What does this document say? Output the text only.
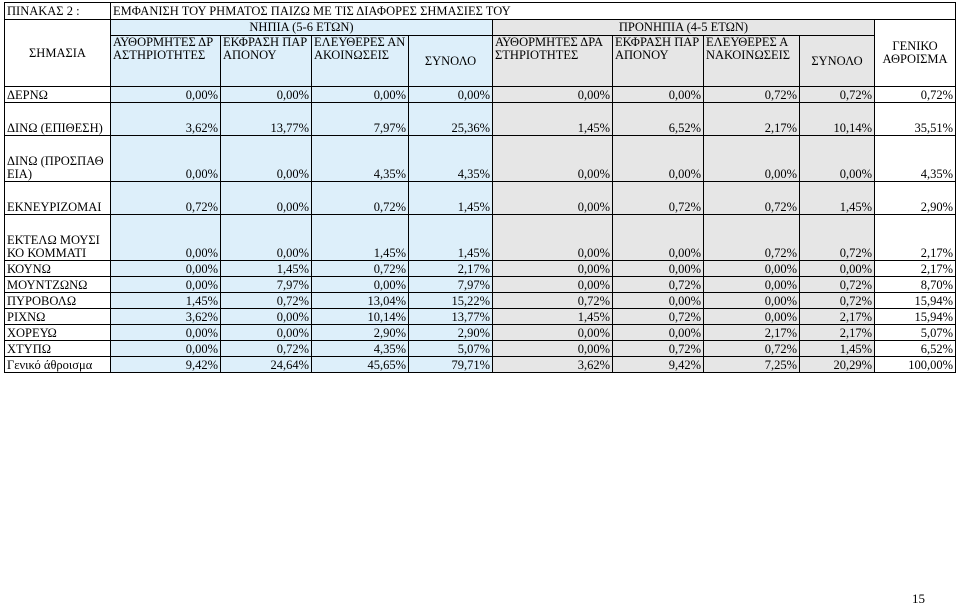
ΠΙΝΑΚΑΣ 2 :	ΕΜΦΑΝΙΣΗ ΤΟΥ ΡΗΜΑΤΟΣ ΠΑΙΖΩ ΜΕ ΤΙΣ ΔΙΑΦΟΡΕΣ ΣΗΜΑΣΙΕΣ ΤΟΥ								
ΣΗΜΑΣΙΑ	ΝΗΠΙΑ (5-6 ΕΤΩΝ)				ΠΡΟΝΗΠΙΑ (4-5 ΕΤΩΝ)				ΓΕΝΙΚΟ ΑΘΡΟΙΣΜΑ
	ΑΥΘΟΡΜΗΤΕΣ ΔΡΑΣΤΗΡΙΟΤΗΤΕΣ	ΕΚΦΡΑΣΗ ΠΑΡΑΠΟΝΟΥ	ΕΛΕΥΘΕΡΕΣ ΑΝΑΚΟΙΝΩΣΕΙΣ	ΣΥΝΟΛΟ	ΑΥΘΟΡΜΗΤΕΣ ΔΡΑΣΤΗΡΙΟΤΗΤΕΣ	ΕΚΦΡΑΣΗ ΠΑΡΑΠΟΝΟΥ	ΕΛΕΥΘΕΡΕΣ ΑΝΑΚΟΙΝΩΣΕΙΣ	ΣΥΝΟΛΟ	
ΔΕΡΝΩ	0,00%	0,00%	0,00%	0,00%	0,00%	0,00%	0,72%	0,72%	0,72%
ΔΙΝΩ (ΕΠΙΘΕΣΗ)	3,62%	13,77%	7,97%	25,36%	1,45%	6,52%	2,17%	10,14%	35,51%
ΔΙΝΩ (ΠΡΟΣΠΑΘΕΙΑ)	0,00%	0,00%	4,35%	4,35%	0,00%	0,00%	0,00%	0,00%	4,35%
ΕΚΝΕΥΡΙΖΟΜΑΙ	0,72%	0,00%	0,72%	1,45%	0,00%	0,72%	0,72%	1,45%	2,90%
ΕΚΤΕΛΩ ΜΟΥΣΙΚΟ ΚΟΜΜΑΤΙ	0,00%	0,00%	1,45%	1,45%	0,00%	0,00%	0,72%	0,72%	2,17%
ΚΟΥΝΩ	0,00%	1,45%	0,72%	2,17%	0,00%	0,00%	0,00%	0,00%	2,17%
ΜΟΥΝΤΖΩΝΩ	0,00%	7,97%	0,00%	7,97%	0,00%	0,72%	0,00%	0,72%	8,70%
ΠΥΡΟΒΟΛΩ	1,45%	0,72%	13,04%	15,22%	0,72%	0,00%	0,00%	0,72%	15,94%
ΡΙΧΝΩ	3,62%	0,00%	10,14%	13,77%	1,45%	0,72%	0,00%	2,17%	15,94%
ΧΟΡΕΥΩ	0,00%	0,00%	2,90%	2,90%	0,00%	0,00%	2,17%	2,17%	5,07%
ΧΤΥΠΩ	0,00%	0,72%	4,35%	5,07%	0,00%	0,72%	0,72%	1,45%	6,52%
Γενικό άθροισμα	9,42%	24,64%	45,65%	79,71%	3,62%	9,42%	7,25%	20,29%	100,00%
15
